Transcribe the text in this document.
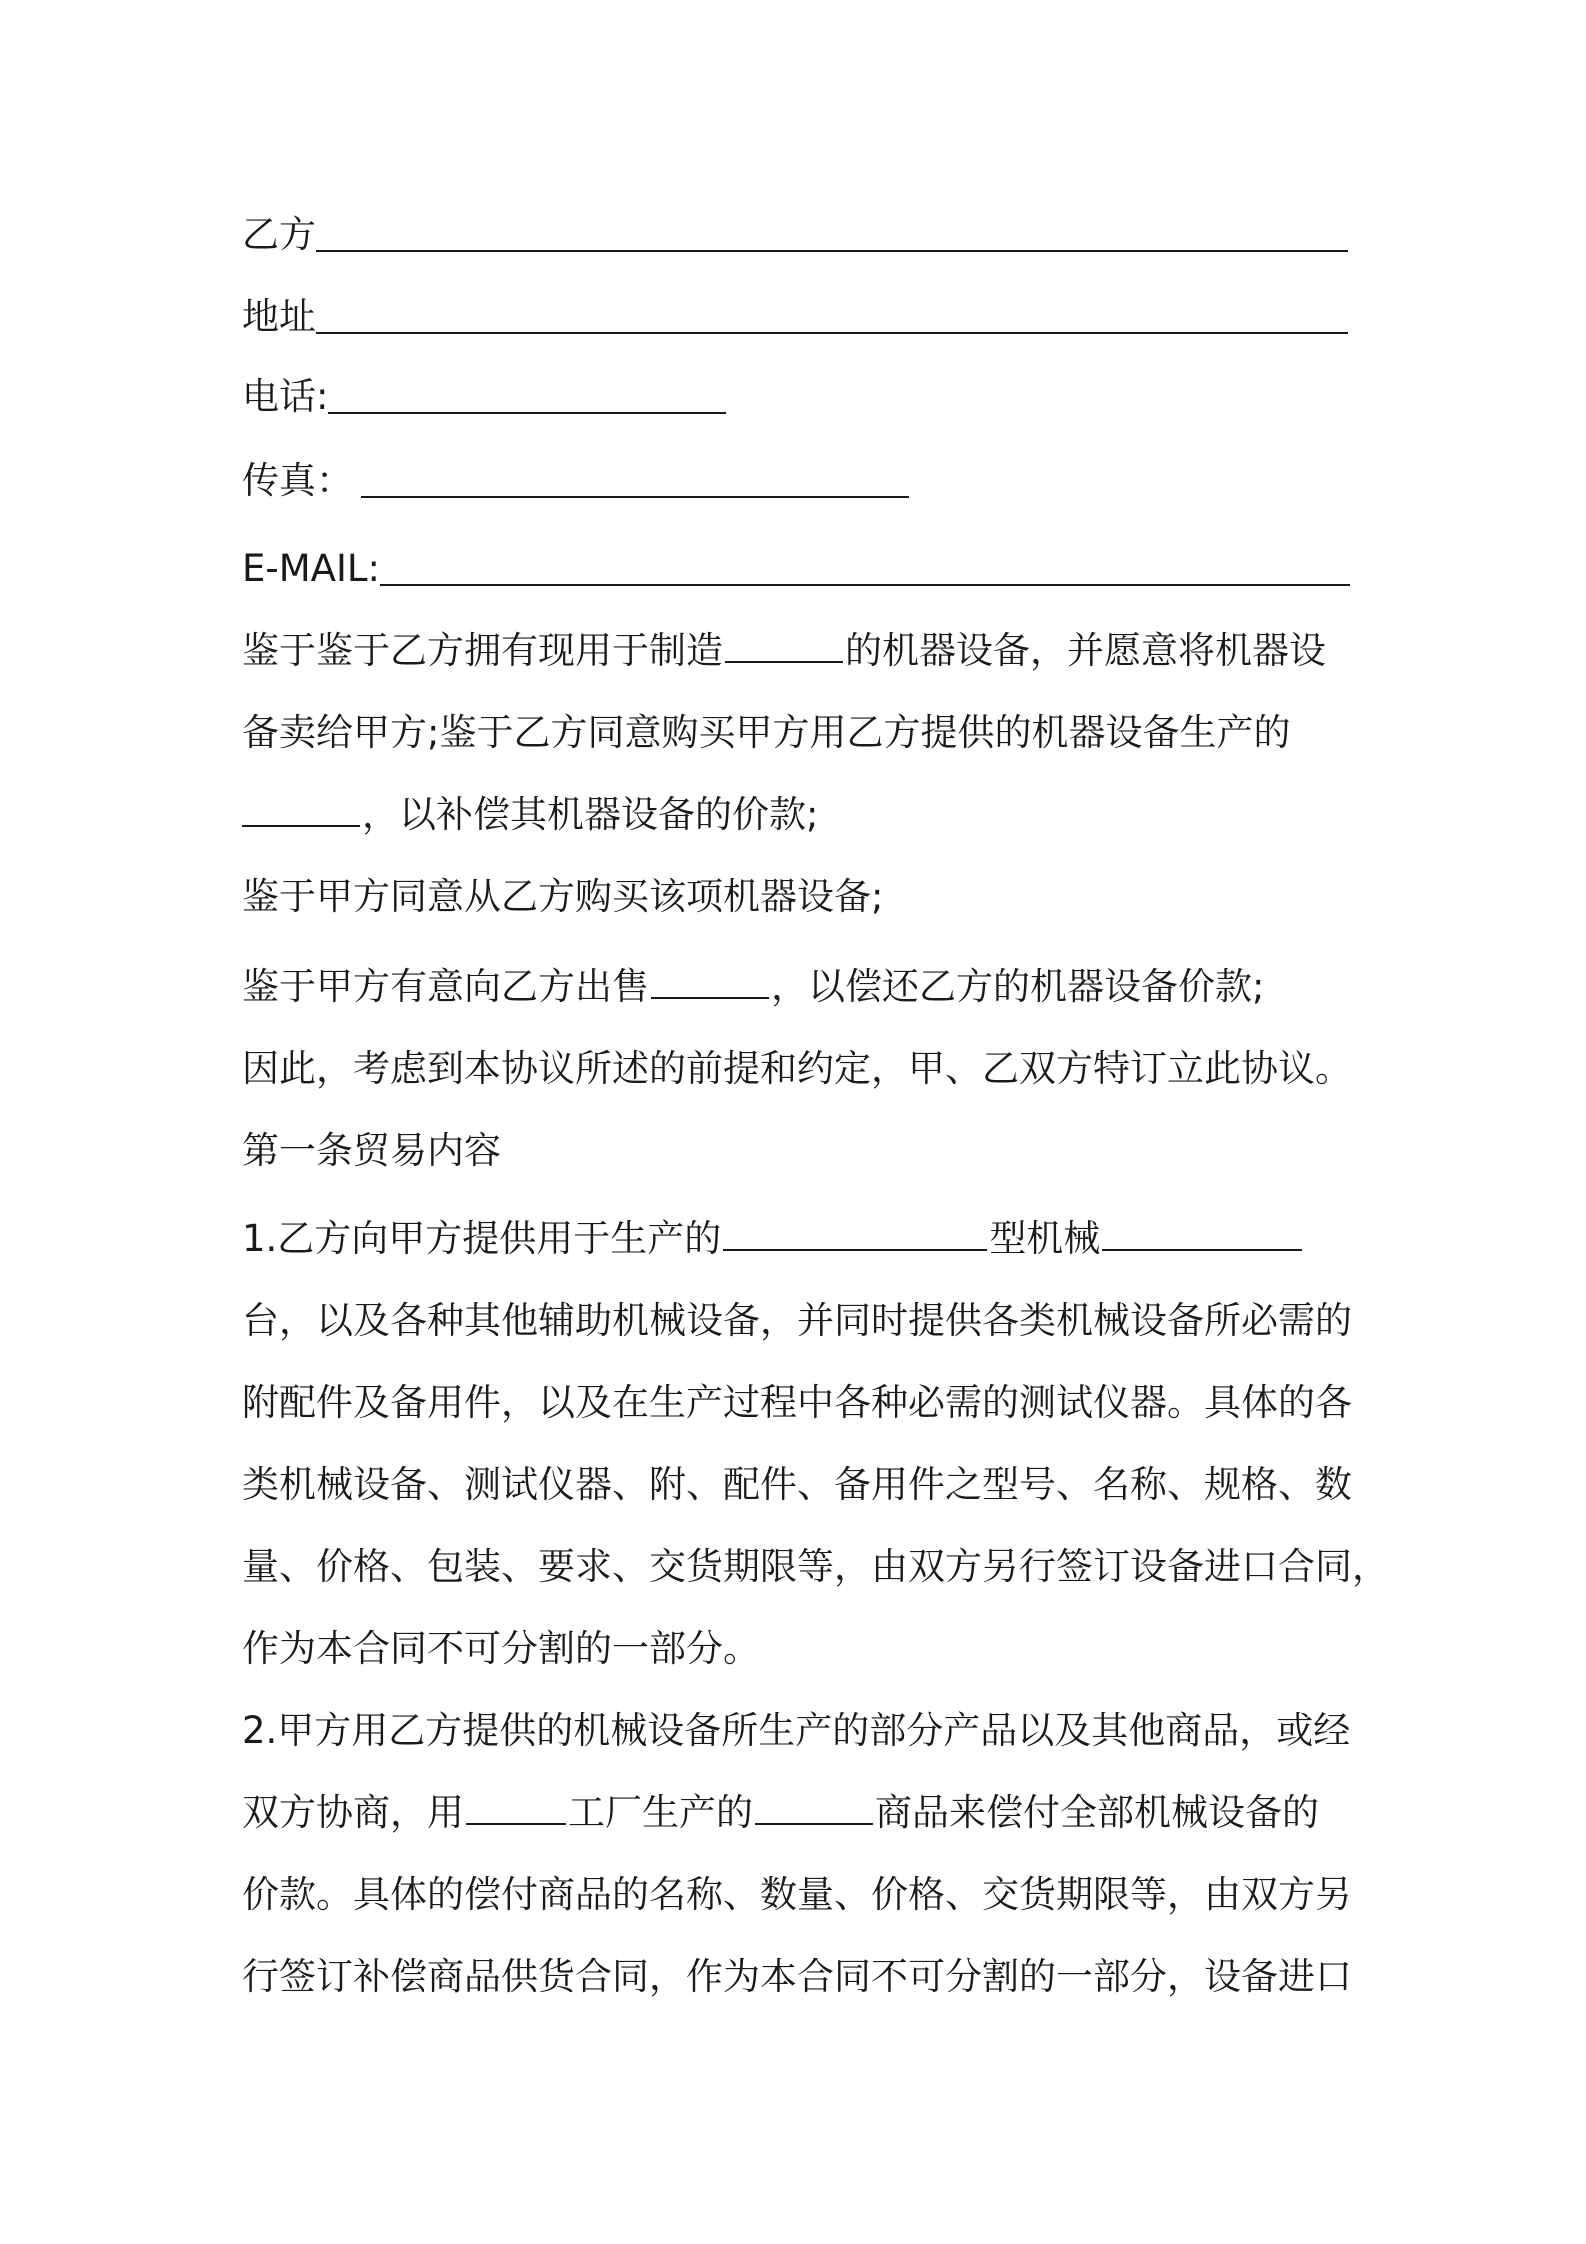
乙方
地址
电话:
传真：
E-MAIL:
鉴于鉴于乙方拥有现用于制造	的机器设备，并愿意将机器设
备卖给甲方;鉴于乙方同意购买甲方用乙方提供的机器设备生产的
，以补偿其机器设备的价款;
鉴于甲方同意从乙方购买该项机器设备;
鉴于甲方有意向乙方出售	，以偿还乙方的机器设备价款;
因此，考虑到本协议所述的前提和约定，甲、乙双方特订立此协议。
第一条贸易内容
1.乙方向甲方提供用于生产的	型机械
台，以及各种其他辅助机械设备，并同时提供各类机械设备所必需的
附配件及备用件，以及在生产过程中各种必需的测试仪器。具体的各
类机械设备、测试仪器、附、配件、备用件之型号、名称、规格、数
量、价格、包装、要求、交货期限等，由双方另行签订设备进口合同，
作为本合同不可分割的一部分。
2.甲方用乙方提供的机械设备所生产的部分产品以及其他商品，或经
双方协商，用	工厂生产的	商品来偿付全部机械设备的
价款。具体的偿付商品的名称、数量、价格、交货期限等，由双方另
行签订补偿商品供货合同，作为本合同不可分割的一部分，设备进口
